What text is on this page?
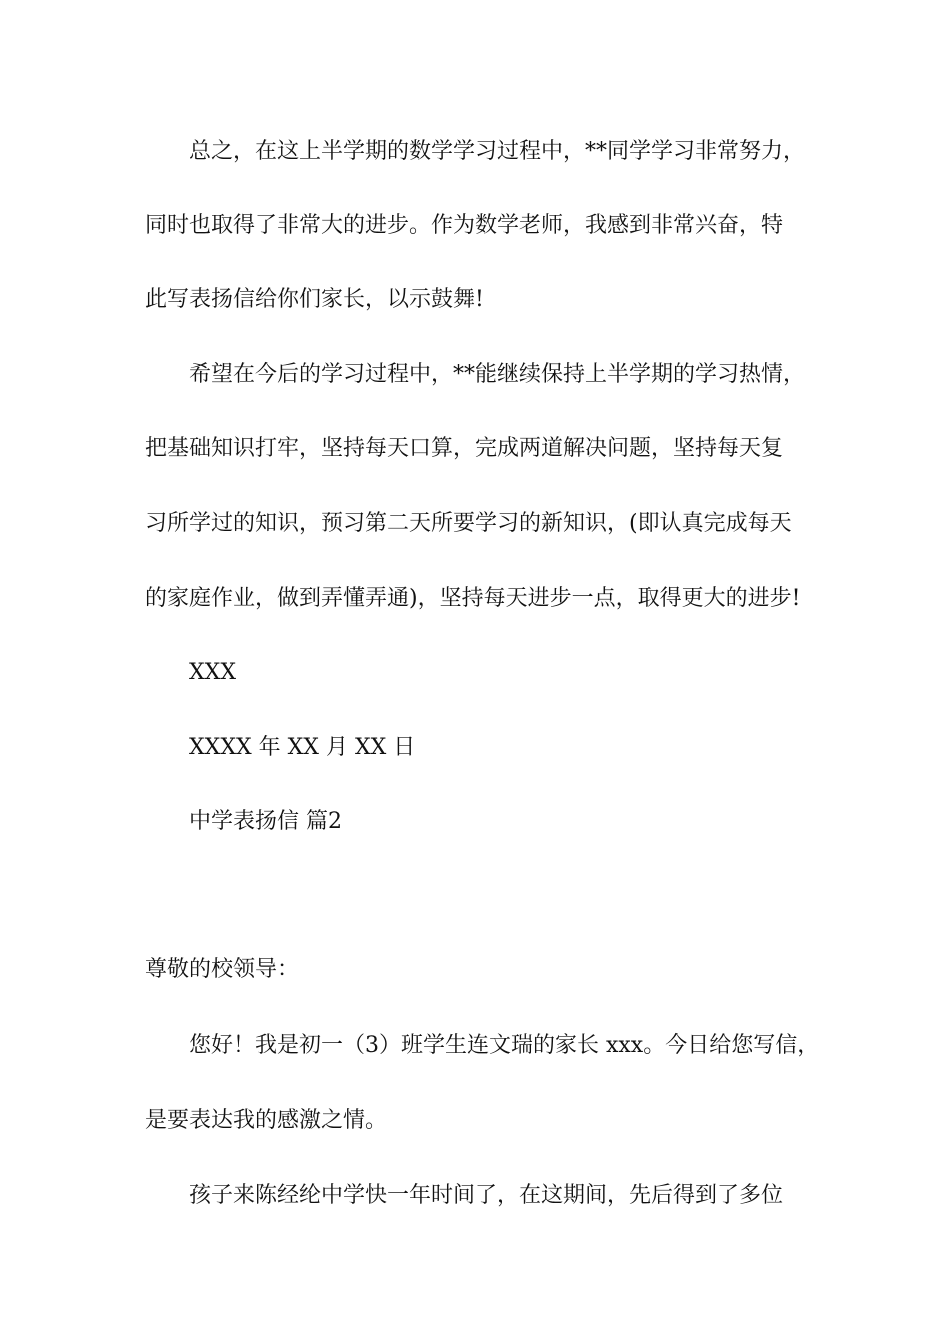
总之，在这上半学期的数学学习过程中，**同学学习非常努力，
同时也取得了非常大的进步。作为数学老师，我感到非常兴奋，特
此写表扬信给你们家长，以示鼓舞!
希望在今后的学习过程中，**能继续保持上半学期的学习热情，
把基础知识打牢，坚持每天口算，完成两道解决问题，坚持每天复
习所学过的知识，预习第二天所要学习的新知识，(即认真完成每天
的家庭作业，做到弄懂弄通)，坚持每天进步一点，取得更大的进步!
XXX
XXXX 年 XX 月 XX 日
中学表扬信 篇2
尊敬的校领导：
您好！我是初一（3）班学生连文瑞的家长 xxx。今日给您写信，
是要表达我的感激之情。
孩子来陈经纶中学快一年时间了，在这期间，先后得到了多位
